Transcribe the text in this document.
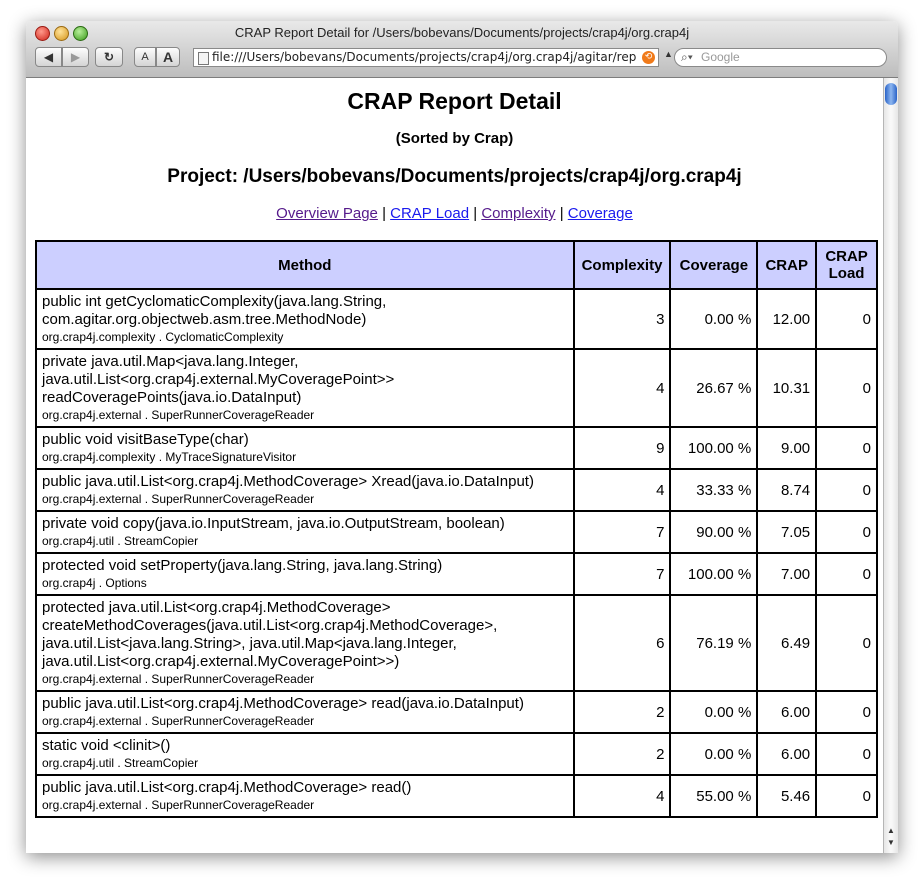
CRAP Report Detail for /Users/bobevans/Documents/projects/crap4j/org.crap4j
◀ ▶ ↻	A	A	file:///Users/bobevans/Documents/projects/crap4j/org.crap4j/agitar/rep ⟲	▲ ⌕▾ Google
CRAP Report Detail
(Sorted by Crap)
Project: /Users/bobevans/Documents/projects/crap4j/org.crap4j
Overview Page | CRAP Load | Complexity | Coverage
Method	Complexity	Coverage	CRAP	CRAP
Load

public int getCyclomaticComplexity(java.lang.String, com.agitar.org.objectweb.asm.tree.MethodNode)
org.crap4j.complexity . CyclomaticComplexity	3	0.00 %	12.00	0

private java.util.Map<java.lang.Integer, java.util.List<org.crap4j.external.MyCoveragePoint>> readCoveragePoints(java.io.DataInput)
org.crap4j.external . SuperRunnerCoverageReader	4	26.67 %	10.31	0

public void visitBaseType(char)
org.crap4j.complexity . MyTraceSignatureVisitor	9	100.00 %	9.00	0

public java.util.List<org.crap4j.MethodCoverage> Xread(java.io.DataInput)
org.crap4j.external . SuperRunnerCoverageReader	4	33.33 %	8.74	0

private void copy(java.io.InputStream, java.io.OutputStream, boolean)
org.crap4j.util . StreamCopier	7	90.00 %	7.05	0

protected void setProperty(java.lang.String, java.lang.String)
org.crap4j . Options	7	100.00 %	7.00	0

protected java.util.List<org.crap4j.MethodCoverage> createMethodCoverages(java.util.List<org.crap4j.MethodCoverage>, java.util.List<java.lang.String>, java.util.Map<java.lang.Integer, java.util.List<org.crap4j.external.MyCoveragePoint>>)
org.crap4j.external . SuperRunnerCoverageReader	6	76.19 %	6.49	0

public java.util.List<org.crap4j.MethodCoverage> read(java.io.DataInput)
org.crap4j.external . SuperRunnerCoverageReader	2	0.00 %	6.00	0

static void <clinit>()
org.crap4j.util . StreamCopier	2	0.00 %	6.00	0

public java.util.List<org.crap4j.MethodCoverage> read()
org.crap4j.external . SuperRunnerCoverageReader	4	55.00 %	5.46	0
▲
▼
